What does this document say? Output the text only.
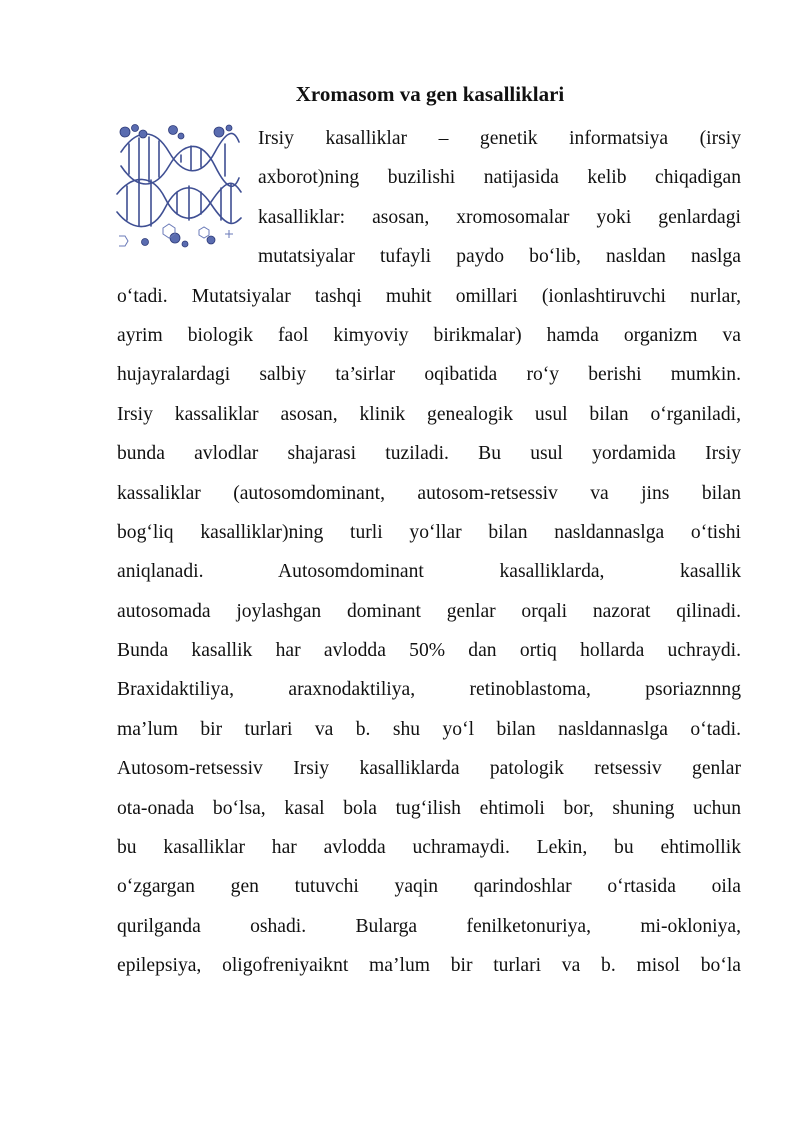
Xromasom va gen kasalliklari
Irsiy kasalliklar – genetik informatsiya (irsiy
axborot)ning buzilishi natijasida kelib chiqadigan
kasalliklar: asosan, xromosomalar yoki genlardagi
mutatsiyalar tufayli paydo bo‘lib, nasldan naslga
o‘tadi. Mutatsiyalar tashqi muhit omillari (ionlashtiruvchi nurlar,
ayrim biologik faol kimyoviy birikmalar) hamda organizm va
hujayralardagi salbiy ta’sirlar oqibatida ro‘y berishi mumkin.
Irsiy kassaliklar asosan, klinik genealogik usul bilan o‘rganiladi,
bunda avlodlar shajarasi tuziladi. Bu usul yordamida Irsiy
kassaliklar (autosomdominant, autosom-retsessiv va jins bilan
bog‘liq kasalliklar)ning turli yo‘llar bilan nasldannaslga o‘tishi
aniqlanadi. Autosomdominant kasalliklarda, kasallik
autosomada joylashgan dominant genlar orqali nazorat qilinadi.
Bunda kasallik har avlodda 50% dan ortiq hollarda uchraydi.
Braxidaktiliya, araxnodaktiliya, retinoblastoma, psoriaznnng
ma’lum bir turlari va b. shu yo‘l bilan nasldannaslga o‘tadi.
Autosom-retsessiv Irsiy kasalliklarda patologik retsessiv genlar
ota-onada bo‘lsa, kasal bola tug‘ilish ehtimoli bor, shuning uchun
bu kasalliklar har avlodda uchramaydi. Lekin, bu ehtimollik
o‘zgargan gen tutuvchi yaqin qarindoshlar o‘rtasida oila
qurilganda oshadi. Bularga fenilketonuriya, mi-okloniya,
epilepsiya, oligofreniyaiknt ma’lum bir turlari va b. misol bo‘la
